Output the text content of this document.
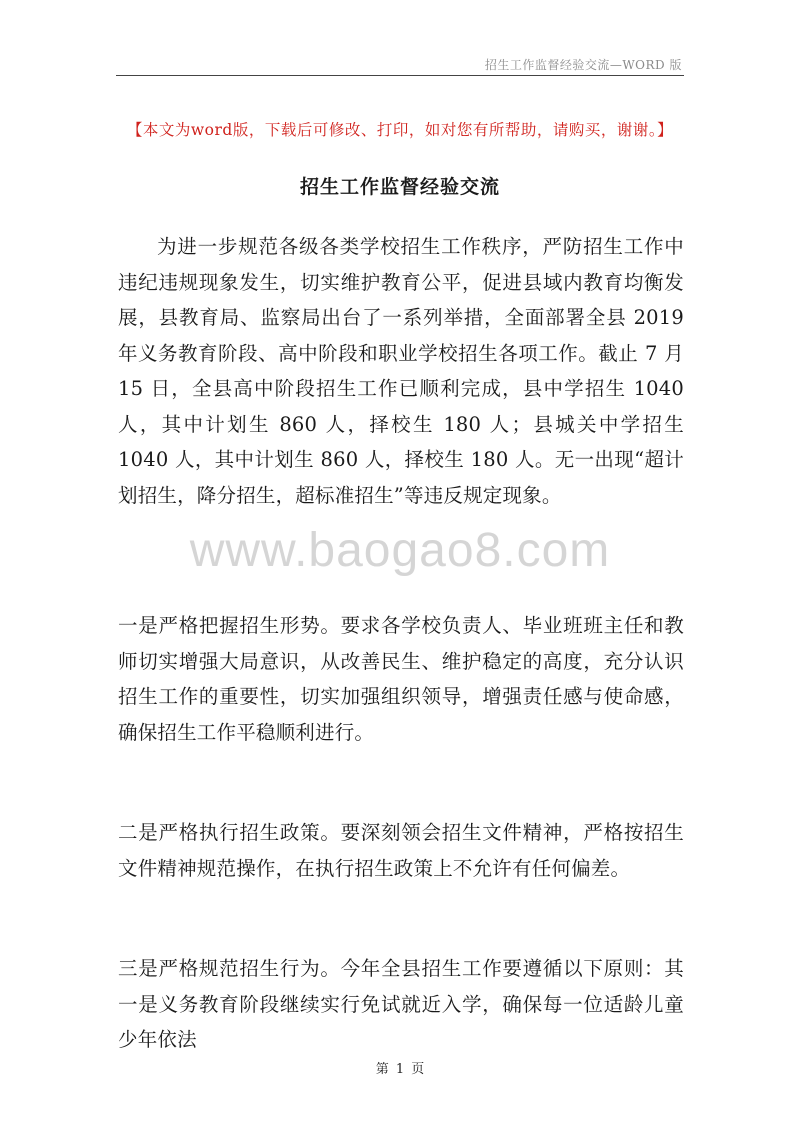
招生工作监督经验交流—WORD 版
【本文为word版，下载后可修改、打印，如对您有所帮助，请购买，谢谢。】
招生工作监督经验交流
为进一步规范各级各类学校招生工作秩序，严防招生工作中违纪违规现象发生，切实维护教育公平，促进县域内教育均衡发展，县教育局、监察局出台了一系列举措，全面部署全县 2019 年义务教育阶段、高中阶段和职业学校招生各项工作。截止 7 月 15 日，全县高中阶段招生工作已顺利完成，县中学招生 1040 人，其中计划生 860 人，择校生 180 人；县城关中学招生 1040 人，其中计划生 860 人，择校生 180 人。无一出现“超计划招生，降分招生，超标准招生”等违反规定现象。
一是严格把握招生形势。要求各学校负责人、毕业班班主任和教师切实增强大局意识，从改善民生、维护稳定的高度，充分认识招生工作的重要性，切实加强组织领导，增强责任感与使命感，确保招生工作平稳顺利进行。
二是严格执行招生政策。要深刻领会招生文件精神，严格按招生文件精神规范操作，在执行招生政策上不允许有任何偏差。
三是严格规范招生行为。今年全县招生工作要遵循以下原则：其一是义务教育阶段继续实行免试就近入学，确保每一位适龄儿童少年依法
www.baogao8.com
第 1 页
